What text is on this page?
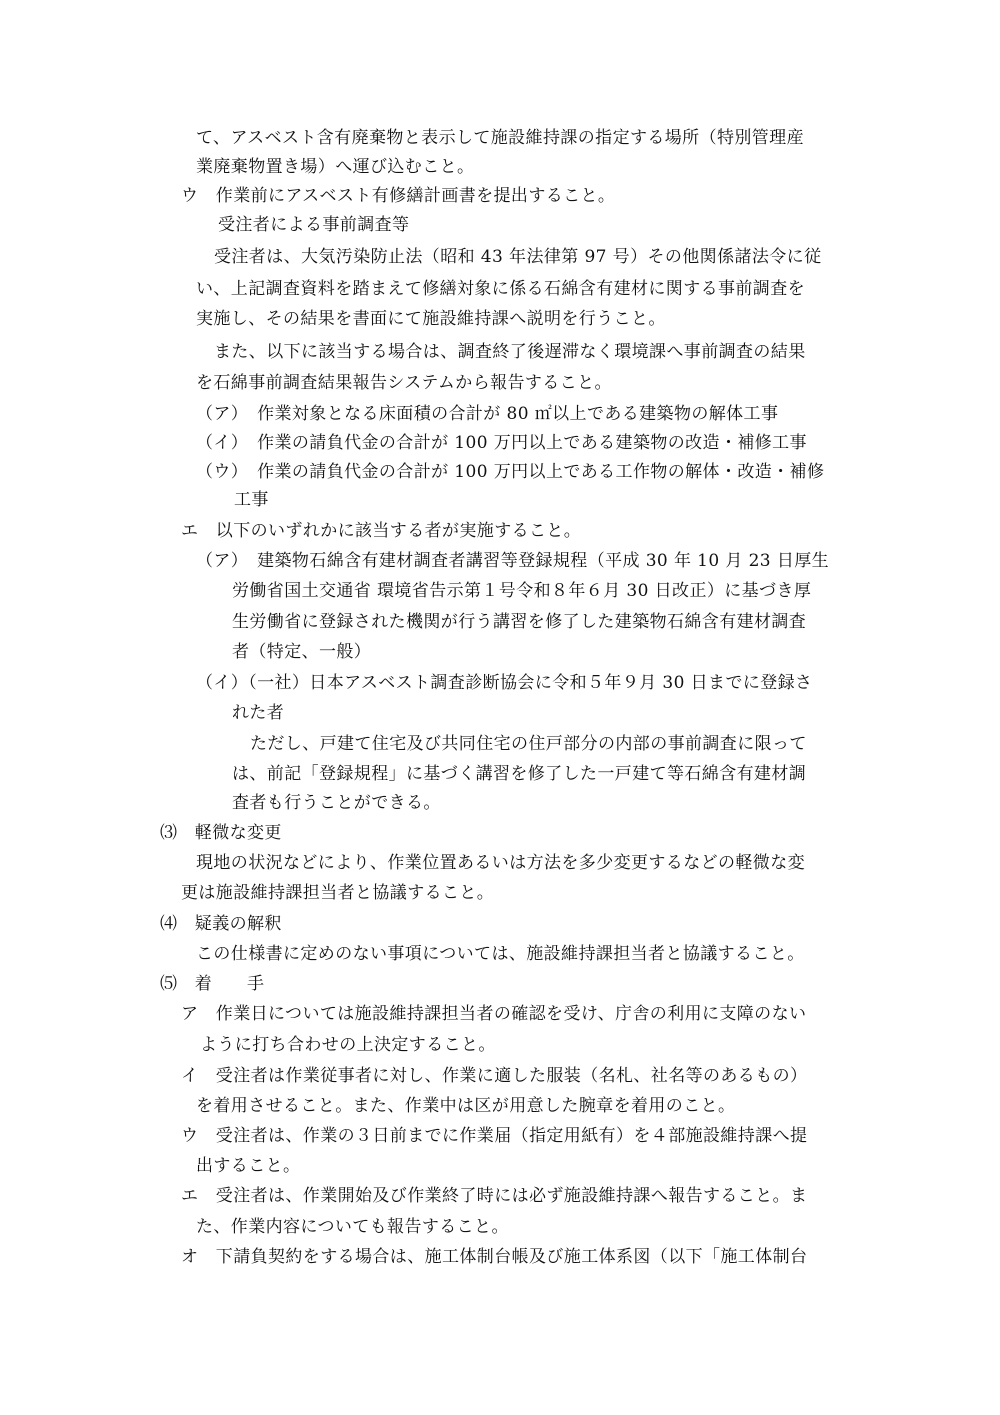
て、アスベスト含有廃棄物と表示して施設維持課の指定する場所（特別管理産
業廃棄物置き場）へ運び込むこと。
ウ　作業前にアスベスト有修繕計画書を提出すること。
受注者による事前調査等
受注者は、大気汚染防止法（昭和 43 年法律第 97 号）その他関係諸法令に従
い、上記調査資料を踏まえて修繕対象に係る石綿含有建材に関する事前調査を
実施し、その結果を書面にて施設維持課へ説明を行うこと。
また、以下に該当する場合は、調査終了後遅滞なく環境課へ事前調査の結果
を石綿事前調査結果報告システムから報告すること。
（ア）　作業対象となる床面積の合計が 80 ㎡以上である建築物の解体工事
（イ）　作業の請負代金の合計が 100 万円以上である建築物の改造・補修工事
（ウ）　作業の請負代金の合計が 100 万円以上である工作物の解体・改造・補修
工事
エ　以下のいずれかに該当する者が実施すること。
（ア）　建築物石綿含有建材調査者講習等登録規程（平成 30 年 10 月 23 日厚生
労働省国土交通省 環境省告示第１号令和８年６月 30 日改正）に基づき厚
生労働省に登録された機関が行う講習を修了した建築物石綿含有建材調査
者（特定、一般）
（イ）（一社）日本アスベスト調査診断協会に令和５年９月 30 日までに登録さ
れた者
ただし、戸建て住宅及び共同住宅の住戸部分の内部の事前調査に限って
は、前記「登録規程」に基づく講習を修了した一戸建て等石綿含有建材調
査者も行うことができる。
⑶　軽微な変更
現地の状況などにより、作業位置あるいは方法を多少変更するなどの軽微な変
更は施設維持課担当者と協議すること。
⑷　疑義の解釈
この仕様書に定めのない事項については、施設維持課担当者と協議すること。
⑸　着　　手
ア　作業日については施設維持課担当者の確認を受け、庁舎の利用に支障のない
ように打ち合わせの上決定すること。
イ　受注者は作業従事者に対し、作業に適した服装（名札、社名等のあるもの）
を着用させること。また、作業中は区が用意した腕章を着用のこと。
ウ　受注者は、作業の３日前までに作業届（指定用紙有）を４部施設維持課へ提
出すること。
エ　受注者は、作業開始及び作業終了時には必ず施設維持課へ報告すること。ま
た、作業内容についても報告すること。
オ　下請負契約をする場合は、施工体制台帳及び施工体系図（以下「施工体制台
